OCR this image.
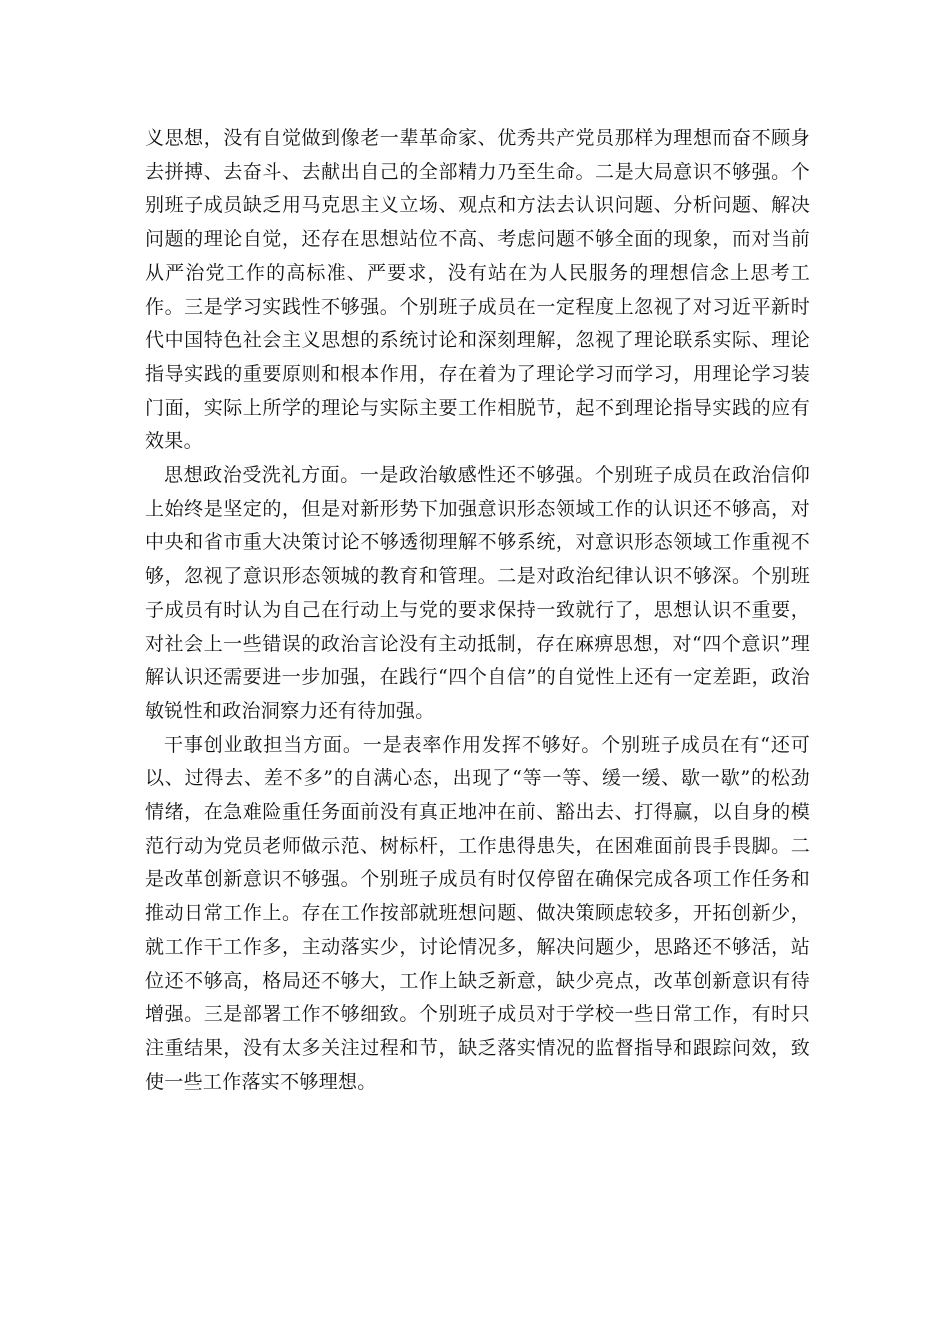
义思想，没有自觉做到像老一辈革命家、优秀共产党员那样为理想而奋不顾身去拼搏、去奋斗、去献出自己的全部精力乃至生命。二是大局意识不够强。个别班子成员缺乏用马克思主义立场、观点和方法去认识问题、分析问题、解决问题的理论自觉，还存在思想站位不高、考虑问题不够全面的现象，而对当前从严治党工作的高标准、严要求，没有站在为人民服务的理想信念上思考工作。三是学习实践性不够强。个别班子成员在一定程度上忽视了对习近平新时代中国特色社会主义思想的系统讨论和深刻理解，忽视了理论联系实际、理论指导实践的重要原则和根本作用，存在着为了理论学习而学习，用理论学习装门面，实际上所学的理论与实际主要工作相脱节，起不到理论指导实践的应有效果。

思想政治受洗礼方面。一是政治敏感性还不够强。个别班子成员在政治信仰上始终是坚定的，但是对新形势下加强意识形态领域工作的认识还不够高，对中央和省市重大决策讨论不够透彻理解不够系统，对意识形态领域工作重视不够，忽视了意识形态领城的教育和管理。二是对政治纪律认识不够深。个别班子成员有时认为自己在行动上与党的要求保持一致就行了，思想认识不重要，对社会上一些错误的政治言论没有主动抵制，存在麻痹思想，对“四个意识”理解认识还需要进一步加强，在践行“四个自信”的自觉性上还有一定差距，政治敏锐性和政治洞察力还有待加强。

干事创业敢担当方面。一是表率作用发挥不够好。个别班子成员在有“还可以、过得去、差不多”的自满心态，出现了“等一等、缓一缓、歇一歇”的松劲情绪，在急难险重任务面前没有真正地冲在前、豁出去、打得赢，以自身的模范行动为党员老师做示范、树标杆，工作患得患失，在困难面前畏手畏脚。二是改革创新意识不够强。个别班子成员有时仅停留在确保完成各项工作任务和推动日常工作上。存在工作按部就班想问题、做决策顾虑较多，开拓创新少，就工作干工作多，主动落实少，讨论情况多，解决问题少，思路还不够活，站位还不够高，格局还不够大，工作上缺乏新意，缺少亮点，改革创新意识有待增强。三是部署工作不够细致。个别班子成员对于学校一些日常工作，有时只注重结果，没有太多关注过程和节，缺乏落实情况的监督指导和跟踪问效，致使一些工作落实不够理想。
